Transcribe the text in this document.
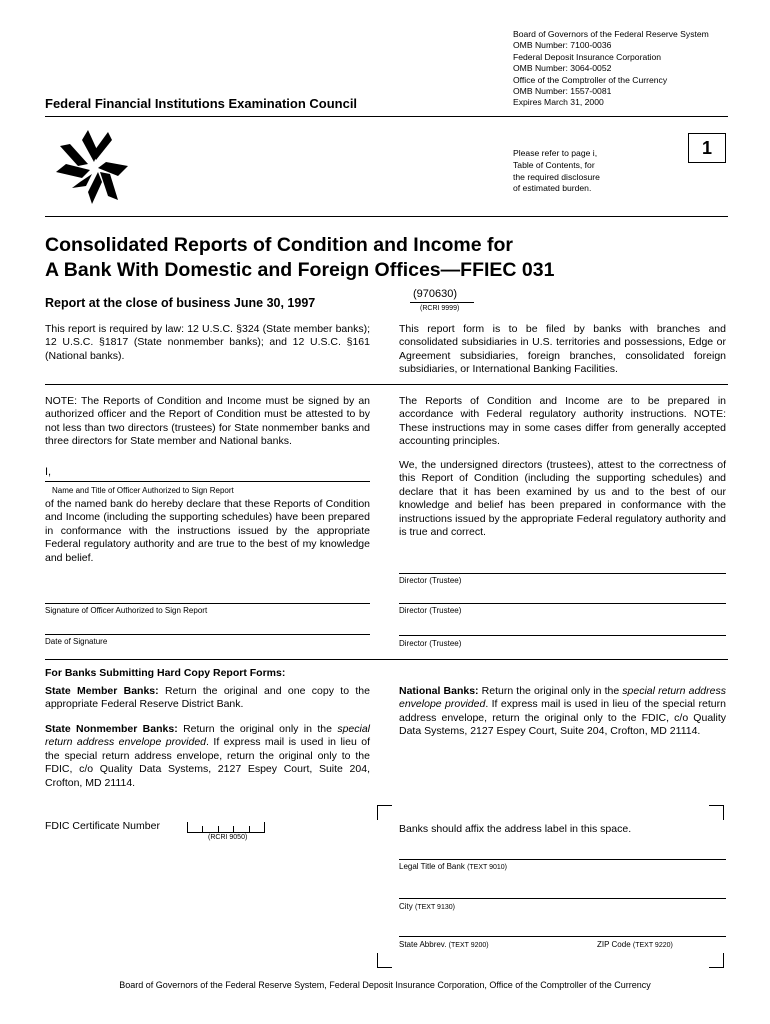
Board of Governors of the Federal Reserve System
OMB Number: 7100-0036
Federal Deposit Insurance Corporation
OMB Number: 3064-0052
Office of the Comptroller of the Currency
OMB Number: 1557-0081
Expires March 31, 2000
Federal Financial Institutions Examination Council
Please refer to page i,
Table of Contents, for
the required disclosure
of estimated burden.
1
Consolidated Reports of Condition and Income for
A Bank With Domestic and Foreign Offices—FFIEC 031
Report at the close of business June 30, 1997
(970630)
(RCRI 9999)
This report is required by law: 12 U.S.C. §324 (State member banks); 12 U.S.C. §1817 (State nonmember banks); and 12 U.S.C. §161 (National banks).
This report form is to be filed by banks with branches and consolidated subsidiaries in U.S. territories and possessions, Edge or Agreement subsidiaries, foreign branches, consolidated foreign subsidiaries, or International Banking Facilities.
NOTE: The Reports of Condition and Income must be signed by an authorized officer and the Report of Condition must be attested to by not less than two directors (trustees) for State nonmember banks and three directors for State member and National banks.
The Reports of Condition and Income are to be prepared in accordance with Federal regulatory authority instructions. NOTE: These instructions may in some cases differ from generally accepted accounting principles.
I,
Name and Title of Officer Authorized to Sign Report
of the named bank do hereby declare that these Reports of Condition and Income (including the supporting schedules) have been prepared in conformance with the instructions issued by the appropriate Federal regulatory authority and are true to the best of my knowledge and belief.
We, the undersigned directors (trustees), attest to the correctness of this Report of Condition (including the supporting schedules) and declare that it has been examined by us and to the best of our knowledge and belief has been prepared in conformance with the instructions issued by the appropriate Federal regulatory authority and is true and correct.
Director (Trustee)
Signature of Officer Authorized to Sign Report	Director (Trustee)
Date of Signature	Director (Trustee)
For Banks Submitting Hard Copy Report Forms:
State Member Banks: Return the original and one copy to the appropriate Federal Reserve District Bank.
State Nonmember Banks: Return the original only in the special return address envelope provided. If express mail is used in lieu of the special return address envelope, return the original only to the FDIC, c/o Quality Data Systems, 2127 Espey Court, Suite 204, Crofton, MD 21114.
National Banks: Return the original only in the special return address envelope provided. If express mail is used in lieu of the special return address envelope, return the original only to the FDIC, c/o Quality Data Systems, 2127 Espey Court, Suite 204, Crofton, MD 21114.
FDIC Certificate Number
(RCRI 9050)
Banks should affix the address label in this space.
Legal Title of Bank (TEXT 9010)
City (TEXT 9130)
State Abbrev. (TEXT 9200)	ZIP Code (TEXT 9220)
Board of Governors of the Federal Reserve System, Federal Deposit Insurance Corporation, Office of the Comptroller of the Currency
